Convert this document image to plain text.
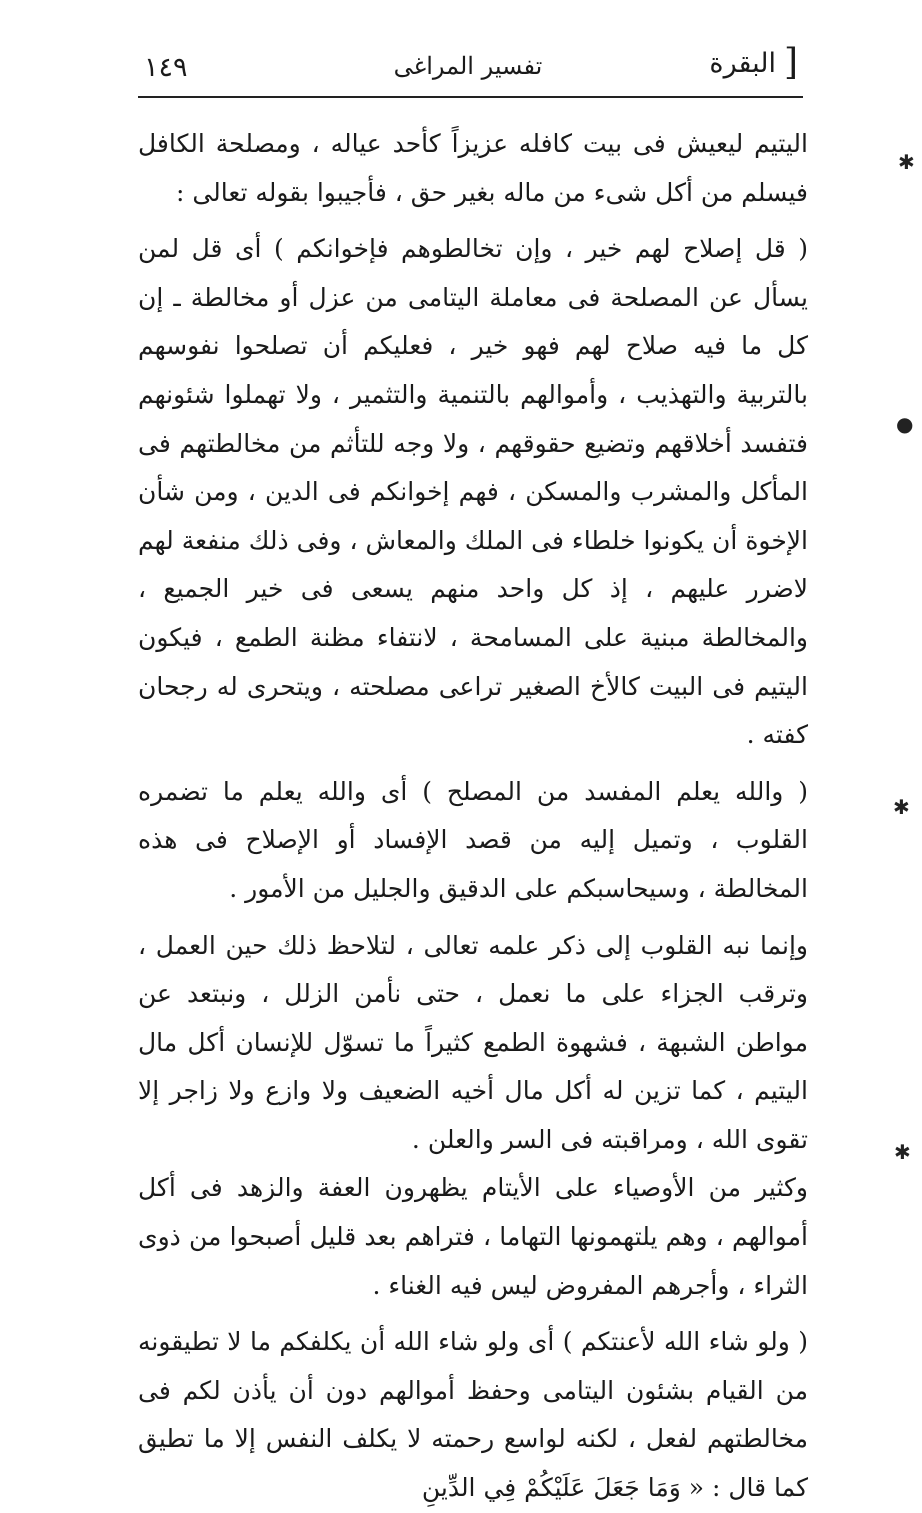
١٤٩	تفسير المراغى	البقرة ]

اليتيم ليعيش فى بيت كافله عزيزاً كأحد عياله ، ومصلحة الكافل فيسلم من أكل شىء من ماله بغير حق ، فأجيبوا بقوله تعالى :

( قل إصلاح لهم خير ، وإن تخالطوهم فإخوانكم ) أى قل لمن يسأل عن المصلحة فى معاملة اليتامى من عزل أو مخالطة ـ إن كل ما فيه صلاح لهم فهو خير ، فعليكم أن تصلحوا نفوسهم بالتربية والتهذيب ، وأموالهم بالتنمية والتثمير ، ولا تهملوا شئونهم فتفسد أخلاقهم وتضيع حقوقهم ، ولا وجه للتأثم من مخالطتهم فى المأكل والمشرب والمسكن ، فهم إخوانكم فى الدين ، ومن شأن الإخوة أن يكونوا خلطاء فى الملك والمعاش ، وفى ذلك منفعة لهم لاضرر عليهم ، إذ كل واحد منهم يسعى فى خير الجميع ، والمخالطة مبنية على المسامحة ، لانتفاء مظنة الطمع ، فيكون اليتيم فى البيت كالأخ الصغير تراعى مصلحته ، ويتحرى له رجحان كفته .

( والله يعلم المفسد من المصلح ) أى والله يعلم ما تضمره القلوب ، وتميل إليه من قصد الإفساد أو الإصلاح فى هذه المخالطة ، وسيحاسبكم على الدقيق والجليل من الأمور .

وإنما نبه القلوب إلى ذكر علمه تعالى ، لتلاحظ ذلك حين العمل ، وترقب الجزاء على ما نعمل ، حتى نأمن الزلل ، ونبتعد عن مواطن الشبهة ، فشهوة الطمع كثيراً ما تسوّل للإنسان أكل مال اليتيم ، كما تزين له أكل مال أخيه الضعيف ولا وازع ولا زاجر إلا تقوى الله ، ومراقبته فى السر والعلن .

وكثير من الأوصياء على الأيتام يظهرون العفة والزهد فى أكل أموالهم ، وهم يلتهمونها التهاما ، فتراهم بعد قليل أصبحوا من ذوى الثراء ، وأجرهم المفروض ليس فيه الغناء .

( ولو شاء الله لأعنتكم ) أى ولو شاء الله أن يكلفكم ما لا تطيقونه من القيام بشئون اليتامى وحفظ أموالهم دون أن يأذن لكم فى مخالطتهم لفعل ، لكنه لواسع رحمته لا يكلف النفس إلا ما تطيق كما قال : « وَمَا جَعَلَ عَلَيْكُمْ فِي الدِّينِ

✱
●
✱
✱
